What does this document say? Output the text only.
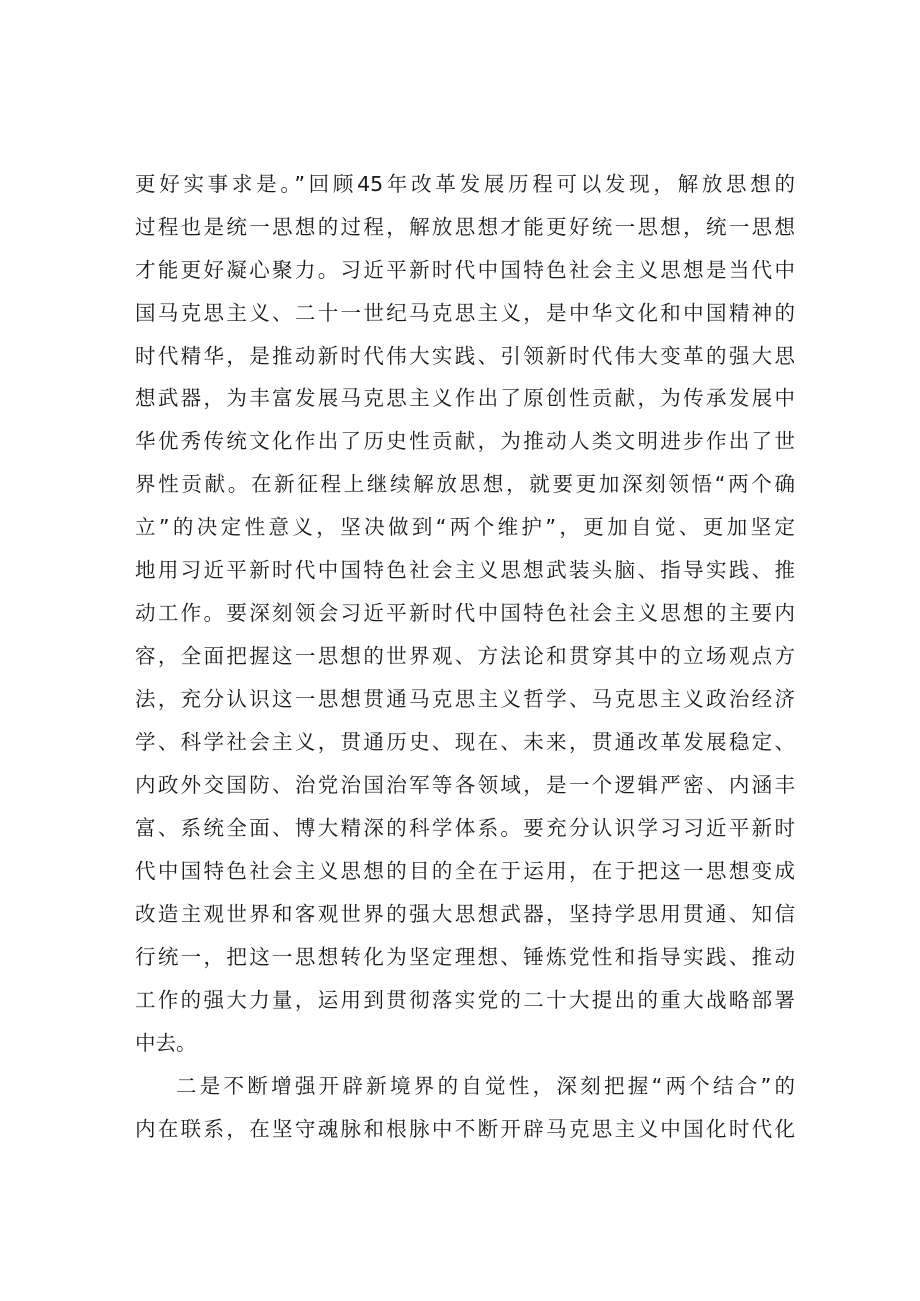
更好实事求是。”回顾45年改革发展历程可以发现，解放思想的
过程也是统一思想的过程，解放思想才能更好统一思想，统一思想
才能更好凝心聚力。习近平新时代中国特色社会主义思想是当代中
国马克思主义、二十一世纪马克思主义，是中华文化和中国精神的
时代精华，是推动新时代伟大实践、引领新时代伟大变革的强大思
想武器，为丰富发展马克思主义作出了原创性贡献，为传承发展中
华优秀传统文化作出了历史性贡献，为推动人类文明进步作出了世
界性贡献。在新征程上继续解放思想，就要更加深刻领悟“两个确
立”的决定性意义，坚决做到“两个维护”，更加自觉、更加坚定
地用习近平新时代中国特色社会主义思想武装头脑、指导实践、推
动工作。要深刻领会习近平新时代中国特色社会主义思想的主要内
容，全面把握这一思想的世界观、方法论和贯穿其中的立场观点方
法，充分认识这一思想贯通马克思主义哲学、马克思主义政治经济
学、科学社会主义，贯通历史、现在、未来，贯通改革发展稳定、
内政外交国防、治党治国治军等各领域，是一个逻辑严密、内涵丰
富、系统全面、博大精深的科学体系。要充分认识学习习近平新时
代中国特色社会主义思想的目的全在于运用，在于把这一思想变成
改造主观世界和客观世界的强大思想武器，坚持学思用贯通、知信
行统一，把这一思想转化为坚定理想、锤炼党性和指导实践、推动
工作的强大力量，运用到贯彻落实党的二十大提出的重大战略部署
中去。
二是不断增强开辟新境界的自觉性，深刻把握“两个结合”的
内在联系，在坚守魂脉和根脉中不断开辟马克思主义中国化时代化
